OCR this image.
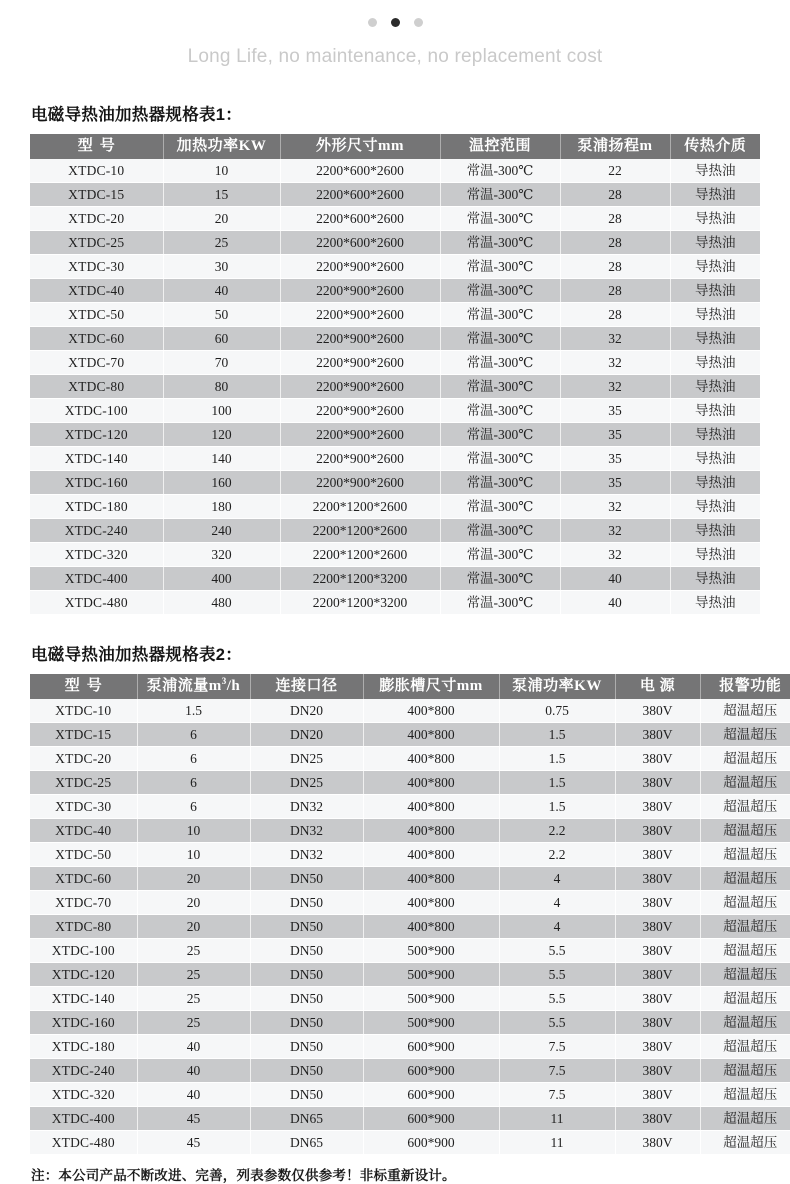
Long Life, no maintenance, no replacement cost
电磁导热油加热器规格表1：
型号	加热功率KW	外形尺寸mm	温控范围	泵浦扬程m	传热介质
XTDC-10	10	2200*600*2600	常温-300℃	22	导热油
XTDC-15	15	2200*600*2600	常温-300℃	28	导热油
XTDC-20	20	2200*600*2600	常温-300℃	28	导热油
XTDC-25	25	2200*600*2600	常温-300℃	28	导热油
XTDC-30	30	2200*900*2600	常温-300℃	28	导热油
XTDC-40	40	2200*900*2600	常温-300℃	28	导热油
XTDC-50	50	2200*900*2600	常温-300℃	28	导热油
XTDC-60	60	2200*900*2600	常温-300℃	32	导热油
XTDC-70	70	2200*900*2600	常温-300℃	32	导热油
XTDC-80	80	2200*900*2600	常温-300℃	32	导热油
XTDC-100	100	2200*900*2600	常温-300℃	35	导热油
XTDC-120	120	2200*900*2600	常温-300℃	35	导热油
XTDC-140	140	2200*900*2600	常温-300℃	35	导热油
XTDC-160	160	2200*900*2600	常温-300℃	35	导热油
XTDC-180	180	2200*1200*2600	常温-300℃	32	导热油
XTDC-240	240	2200*1200*2600	常温-300℃	32	导热油
XTDC-320	320	2200*1200*2600	常温-300℃	32	导热油
XTDC-400	400	2200*1200*3200	常温-300℃	40	导热油
XTDC-480	480	2200*1200*3200	常温-300℃	40	导热油
电磁导热油加热器规格表2：
型号	泵浦流量$m^3/h$	连接口径	膨胀槽尺寸mm	泵浦功率KW	电 源	报警功能
XTDC-10	1.5	DN20	400*800	0.75	380V	超温超压
XTDC-15	6	DN20	400*800	1.5	380V	超温超压
XTDC-20	6	DN25	400*800	1.5	380V	超温超压
XTDC-25	6	DN25	400*800	1.5	380V	超温超压
XTDC-30	6	DN32	400*800	1.5	380V	超温超压
XTDC-40	10	DN32	400*800	2.2	380V	超温超压
XTDC-50	10	DN32	400*800	2.2	380V	超温超压
XTDC-60	20	DN50	400*800	4	380V	超温超压
XTDC-70	20	DN50	400*800	4	380V	超温超压
XTDC-80	20	DN50	400*800	4	380V	超温超压
XTDC-100	25	DN50	500*900	5.5	380V	超温超压
XTDC-120	25	DN50	500*900	5.5	380V	超温超压
XTDC-140	25	DN50	500*900	5.5	380V	超温超压
XTDC-160	25	DN50	500*900	5.5	380V	超温超压
XTDC-180	40	DN50	600*900	7.5	380V	超温超压
XTDC-240	40	DN50	600*900	7.5	380V	超温超压
XTDC-320	40	DN50	600*900	7.5	380V	超温超压
XTDC-400	45	DN65	600*900	11	380V	超温超压
XTDC-480	45	DN65	600*900	11	380V	超温超压
注：本公司产品不断改进、完善，列表参数仅供参考！非标重新设计。
